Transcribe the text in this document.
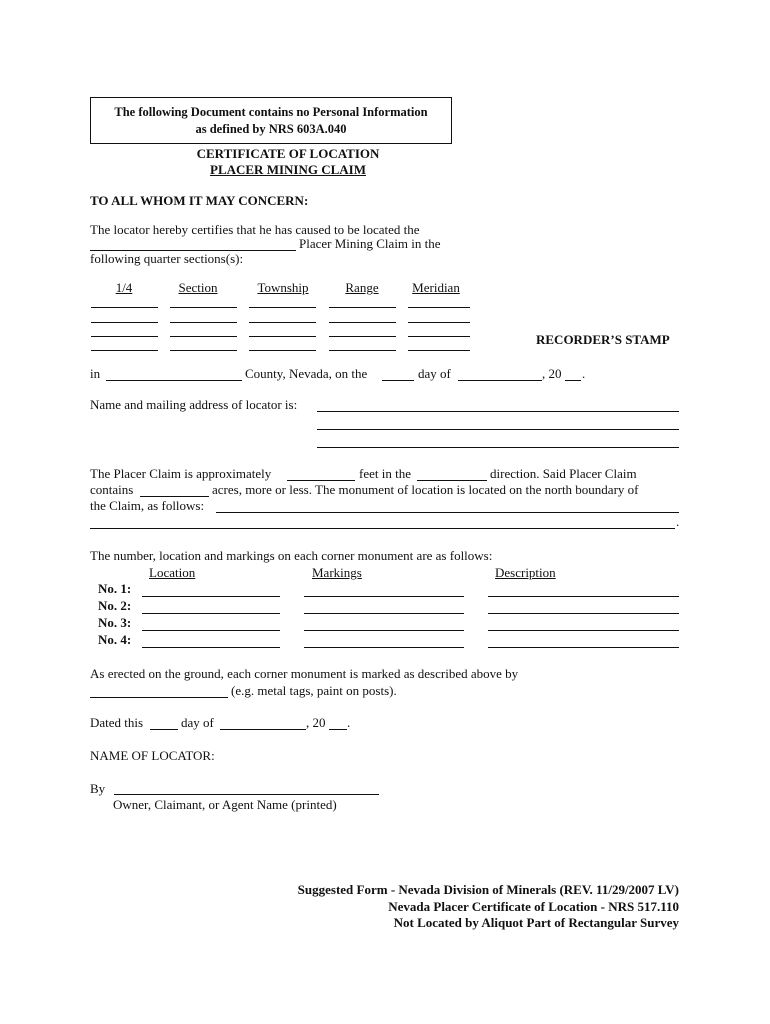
The following Document contains no Personal Information
as defined by NRS 603A.040
CERTIFICATE OF LOCATION
PLACER MINING CLAIM
TO ALL WHOM IT MAY CONCERN:
The locator hereby certifies that he has caused to be located the
Placer Mining Claim in the
following quarter sections(s):
1/4	Section	Township	Range	Meridian
RECORDER’S STAMP
in	County, Nevada, on the	day of	, 20 .
Name and mailing address of locator is:
The Placer Claim is approximately	feet in the	direction. Said Placer Claim
contains	acres, more or less. The monument of location is located on the north boundary of
the Claim, as follows:
.
The number, location and markings on each corner monument are as follows:
Location	Markings	Description
No. 1:
No. 2:
No. 3:
No. 4:
As erected on the ground, each corner monument is marked as described above by
(e.g. metal tags, paint on posts).
Dated this	day of	, 20 .
NAME OF LOCATOR:
By
Owner, Claimant, or Agent Name (printed)
Suggested Form - Nevada Division of Minerals (REV. 11/29/2007 LV)
Nevada Placer Certificate of Location - NRS 517.110
Not Located by Aliquot Part of Rectangular Survey
